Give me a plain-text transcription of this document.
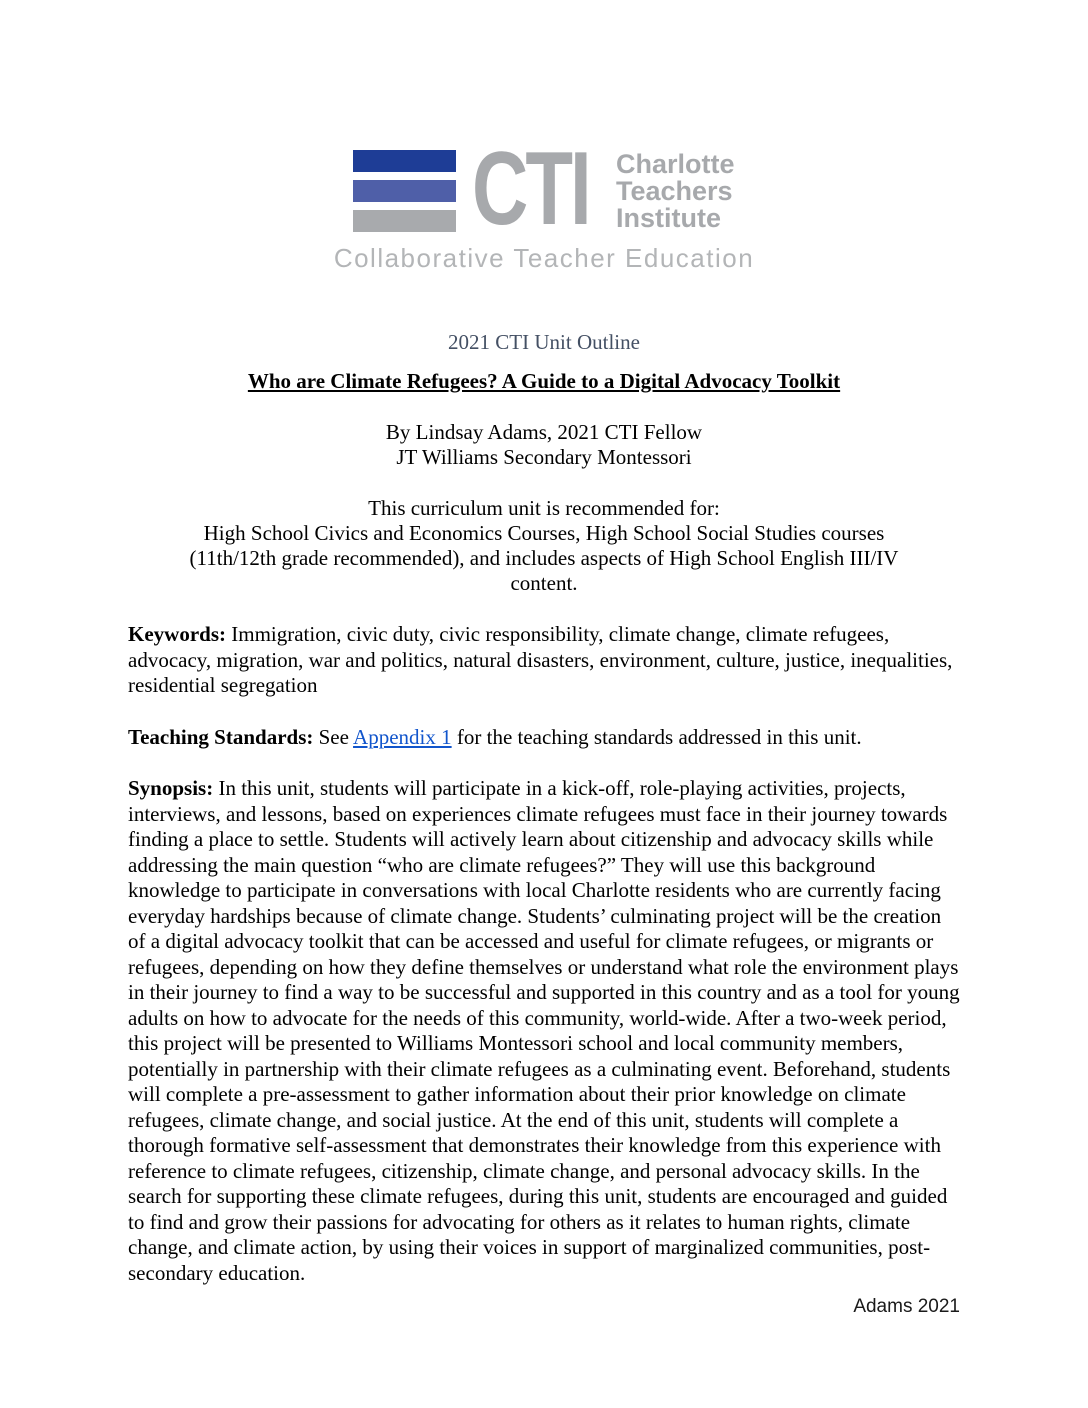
CTI Charlotte
Teachers
Institute
Collaborative Teacher Education
2021 CTI Unit Outline
Who are Climate Refugees? A Guide to a Digital Advocacy Toolkit
By Lindsay Adams, 2021 CTI Fellow
JT Williams Secondary Montessori
This curriculum unit is recommended for:
High School Civics and Economics Courses, High School Social Studies courses
(11th/12th grade recommended), and includes aspects of High School English III/IV
content.

Keywords: Immigration, civic duty, civic responsibility, climate change, climate refugees, advocacy, migration, war and politics, natural disasters, environment, culture, justice, inequalities, residential segregation

Teaching Standards: See Appendix 1 for the teaching standards addressed in this unit.

Synopsis: In this unit, students will participate in a kick-off, role-playing activities, projects, interviews, and lessons, based on experiences climate refugees must face in their journey towards finding a place to settle. Students will actively learn about citizenship and advocacy skills while addressing the main question “who are climate refugees?” They will use this background knowledge to participate in conversations with local Charlotte residents who are currently facing everyday hardships because of climate change. Students’ culminating project will be the creation of a digital advocacy toolkit that can be accessed and useful for climate refugees, or migrants or refugees, depending on how they define themselves or understand what role the environment plays in their journey to find a way to be successful and supported in this country and as a tool for young adults on how to advocate for the needs of this community, world-wide. After a two-week period, this project will be presented to Williams Montessori school and local community members, potentially in partnership with their climate refugees as a culminating event. Beforehand, students will complete a pre-assessment to gather information about their prior knowledge on climate refugees, climate change, and social justice. At the end of this unit, students will complete a thorough formative self-assessment that demonstrates their knowledge from this experience with reference to climate refugees, citizenship, climate change, and personal advocacy skills. In the search for supporting these climate refugees, during this unit, students are encouraged and guided to find and grow their passions for advocating for others as it relates to human rights, climate change, and climate action, by using their voices in support of marginalized communities, post-secondary education.

Adams 2021
